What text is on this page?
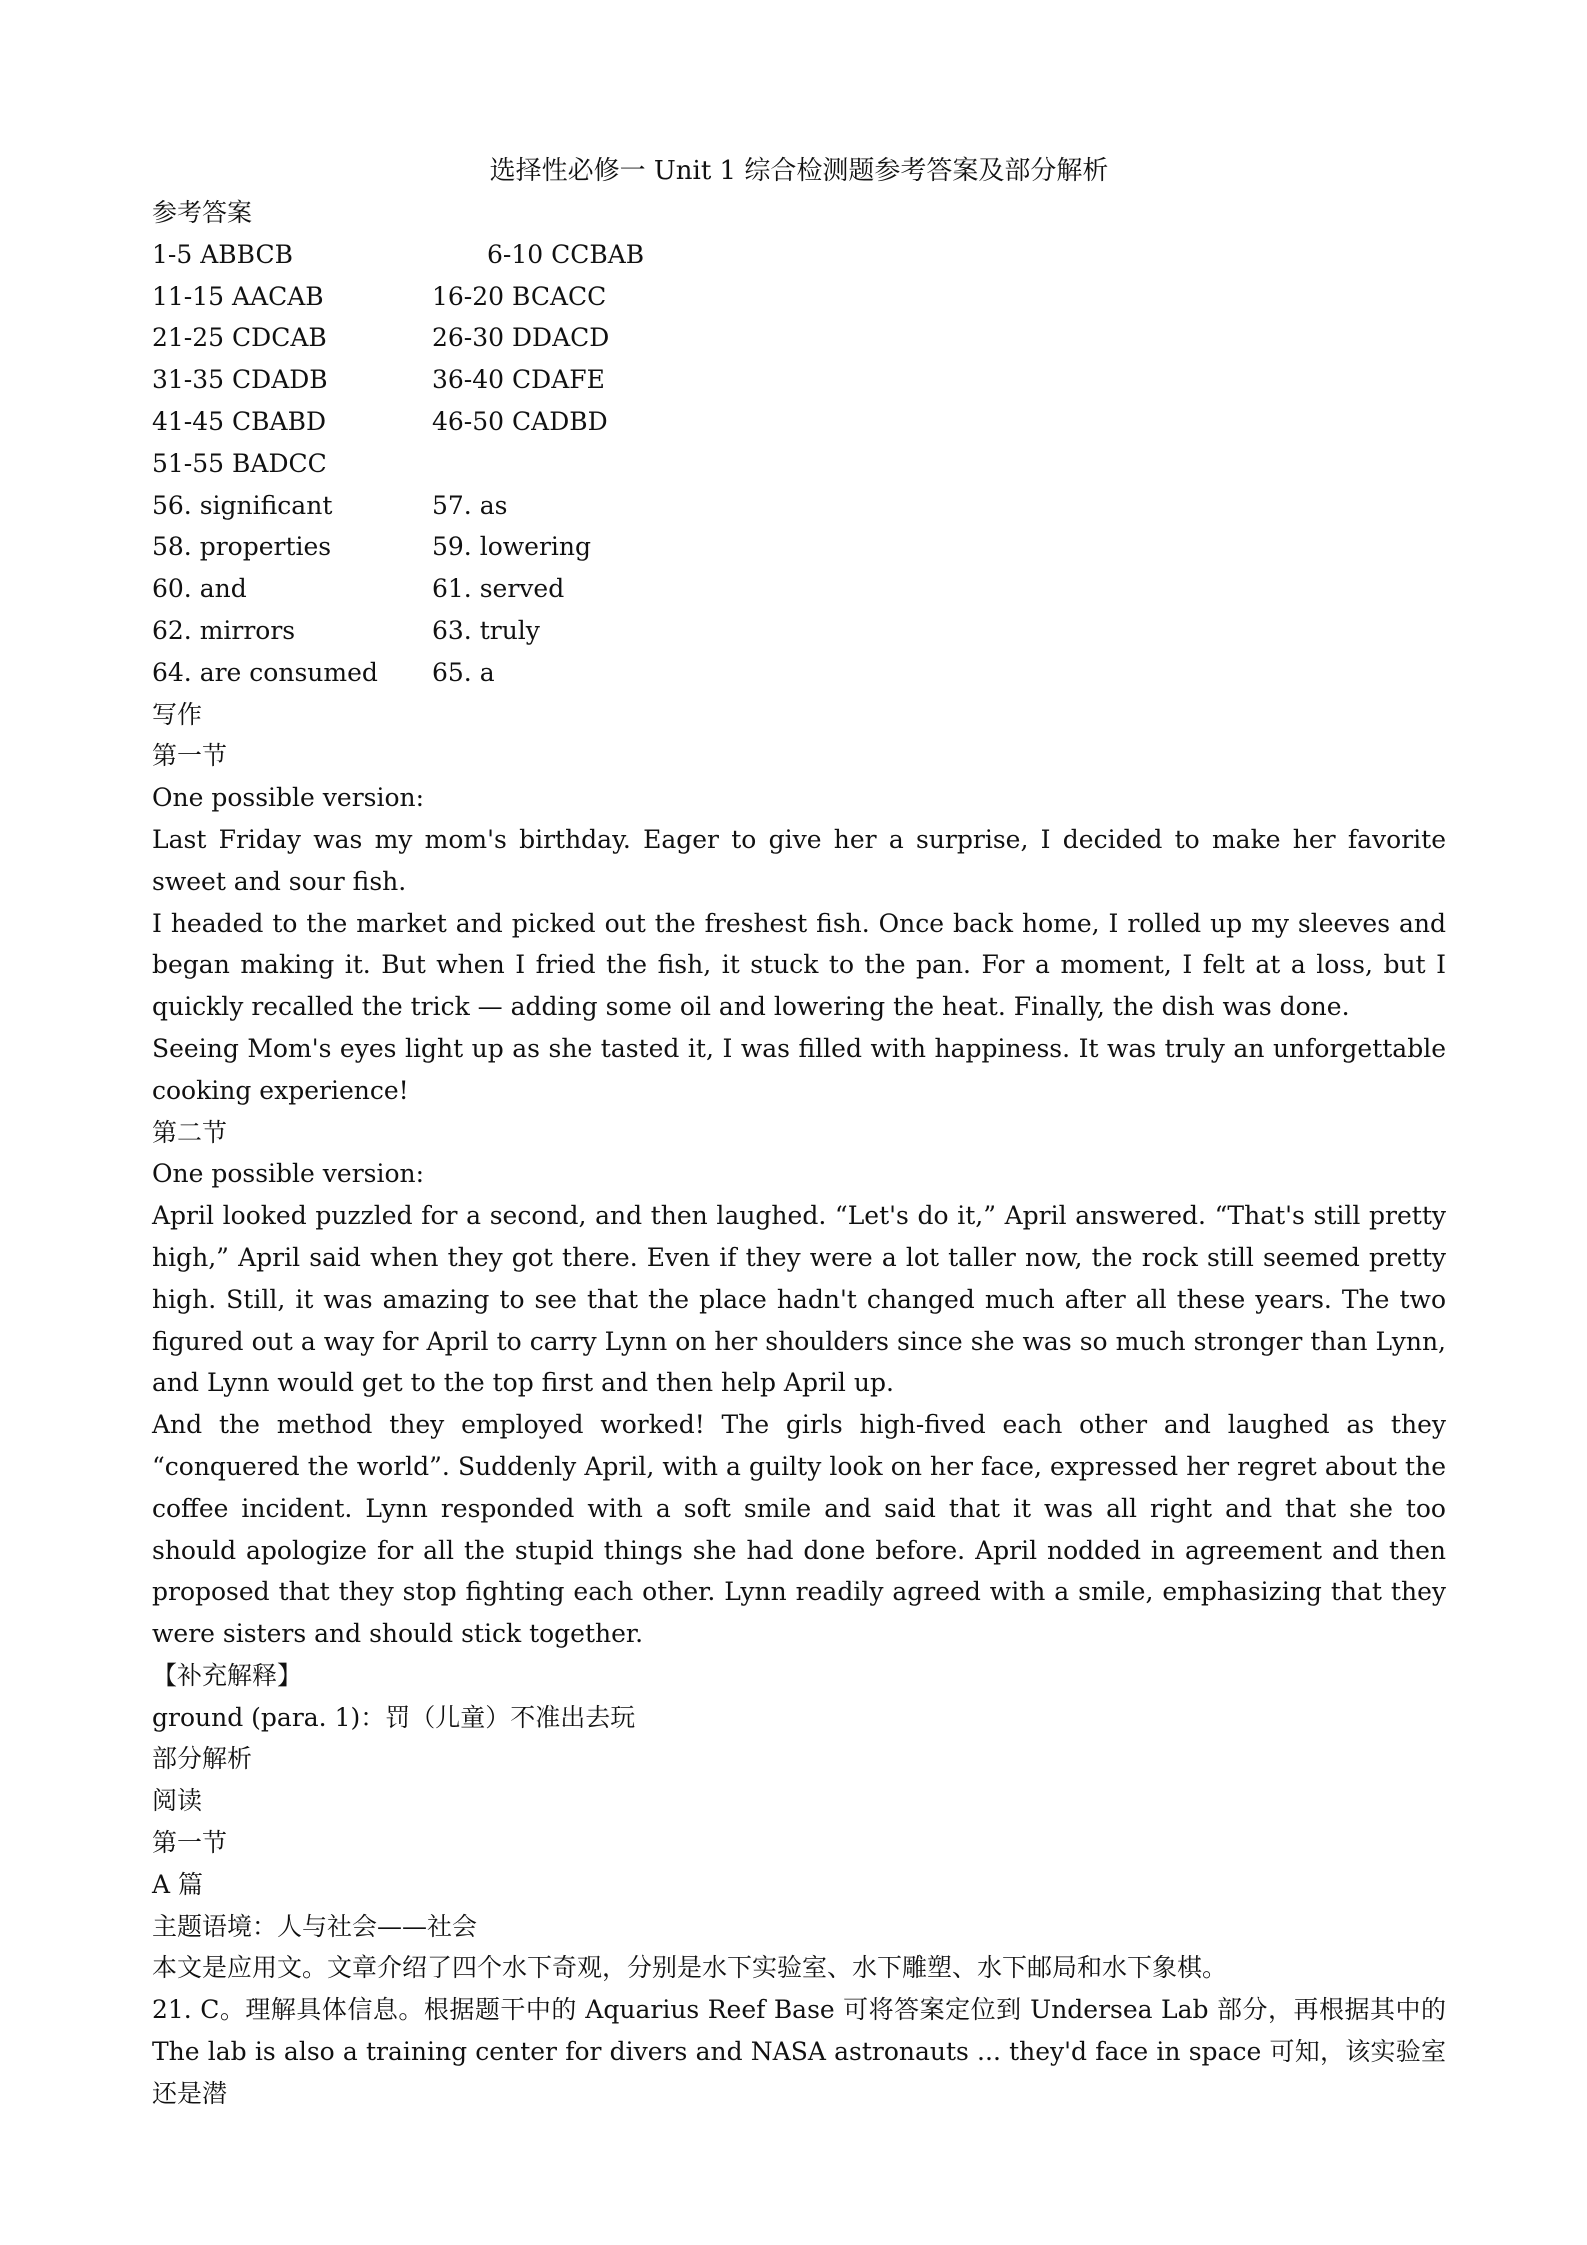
选择性必修一 Unit 1 综合检测题参考答案及部分解析

参考答案

1-5 ABBCB	6-10 CCBAB
11-15 AACAB	16-20 BCACC
21-25 CDCAB	26-30 DDACD
31-35 CDADB	36-40 CDAFE
41-45 CBABD	46-50 CADBD
51-55 BADCC
56. significant	57. as
58. properties	59. lowering
60. and	61. served
62. mirrors	63. truly
64. are consumed	65. a

写作

第一节

One possible version:

Last Friday was my mom's birthday. Eager to give her a surprise, I decided to make her favorite sweet and sour fish.

I headed to the market and picked out the freshest fish. Once back home, I rolled up my sleeves and began making it. But when I fried the fish, it stuck to the pan. For a moment, I felt at a loss, but I quickly recalled the trick — adding some oil and lowering the heat. Finally, the dish was done.

Seeing Mom's eyes light up as she tasted it, I was filled with happiness. It was truly an unforgettable cooking experience!

第二节

One possible version:

April looked puzzled for a second, and then laughed. “Let's do it,” April answered. “That's still pretty high,” April said when they got there. Even if they were a lot taller now, the rock still seemed pretty high. Still, it was amazing to see that the place hadn't changed much after all these years. The two figured out a way for April to carry Lynn on her shoulders since she was so much stronger than Lynn, and Lynn would get to the top first and then help April up.

And the method they employed worked! The girls high-fived each other and laughed as they “conquered the world”. Suddenly April, with a guilty look on her face, expressed her regret about the coffee incident. Lynn responded with a soft smile and said that it was all right and that she too should apologize for all the stupid things she had done before. April nodded in agreement and then proposed that they stop fighting each other. Lynn readily agreed with a smile, emphasizing that they were sisters and should stick together.

【补充解释】

ground (para. 1)：罚（儿童）不准出去玩

部分解析

阅读

第一节

A 篇

主题语境：人与社会——社会

本文是应用文。文章介绍了四个水下奇观，分别是水下实验室、水下雕塑、水下邮局和水下象棋。

21. C。理解具体信息。根据题干中的 Aquarius Reef Base 可将答案定位到 Undersea Lab 部分，再根据其中的 The lab is also a training center for divers and NASA astronauts ... they'd face in space 可知，该实验室还是潜
